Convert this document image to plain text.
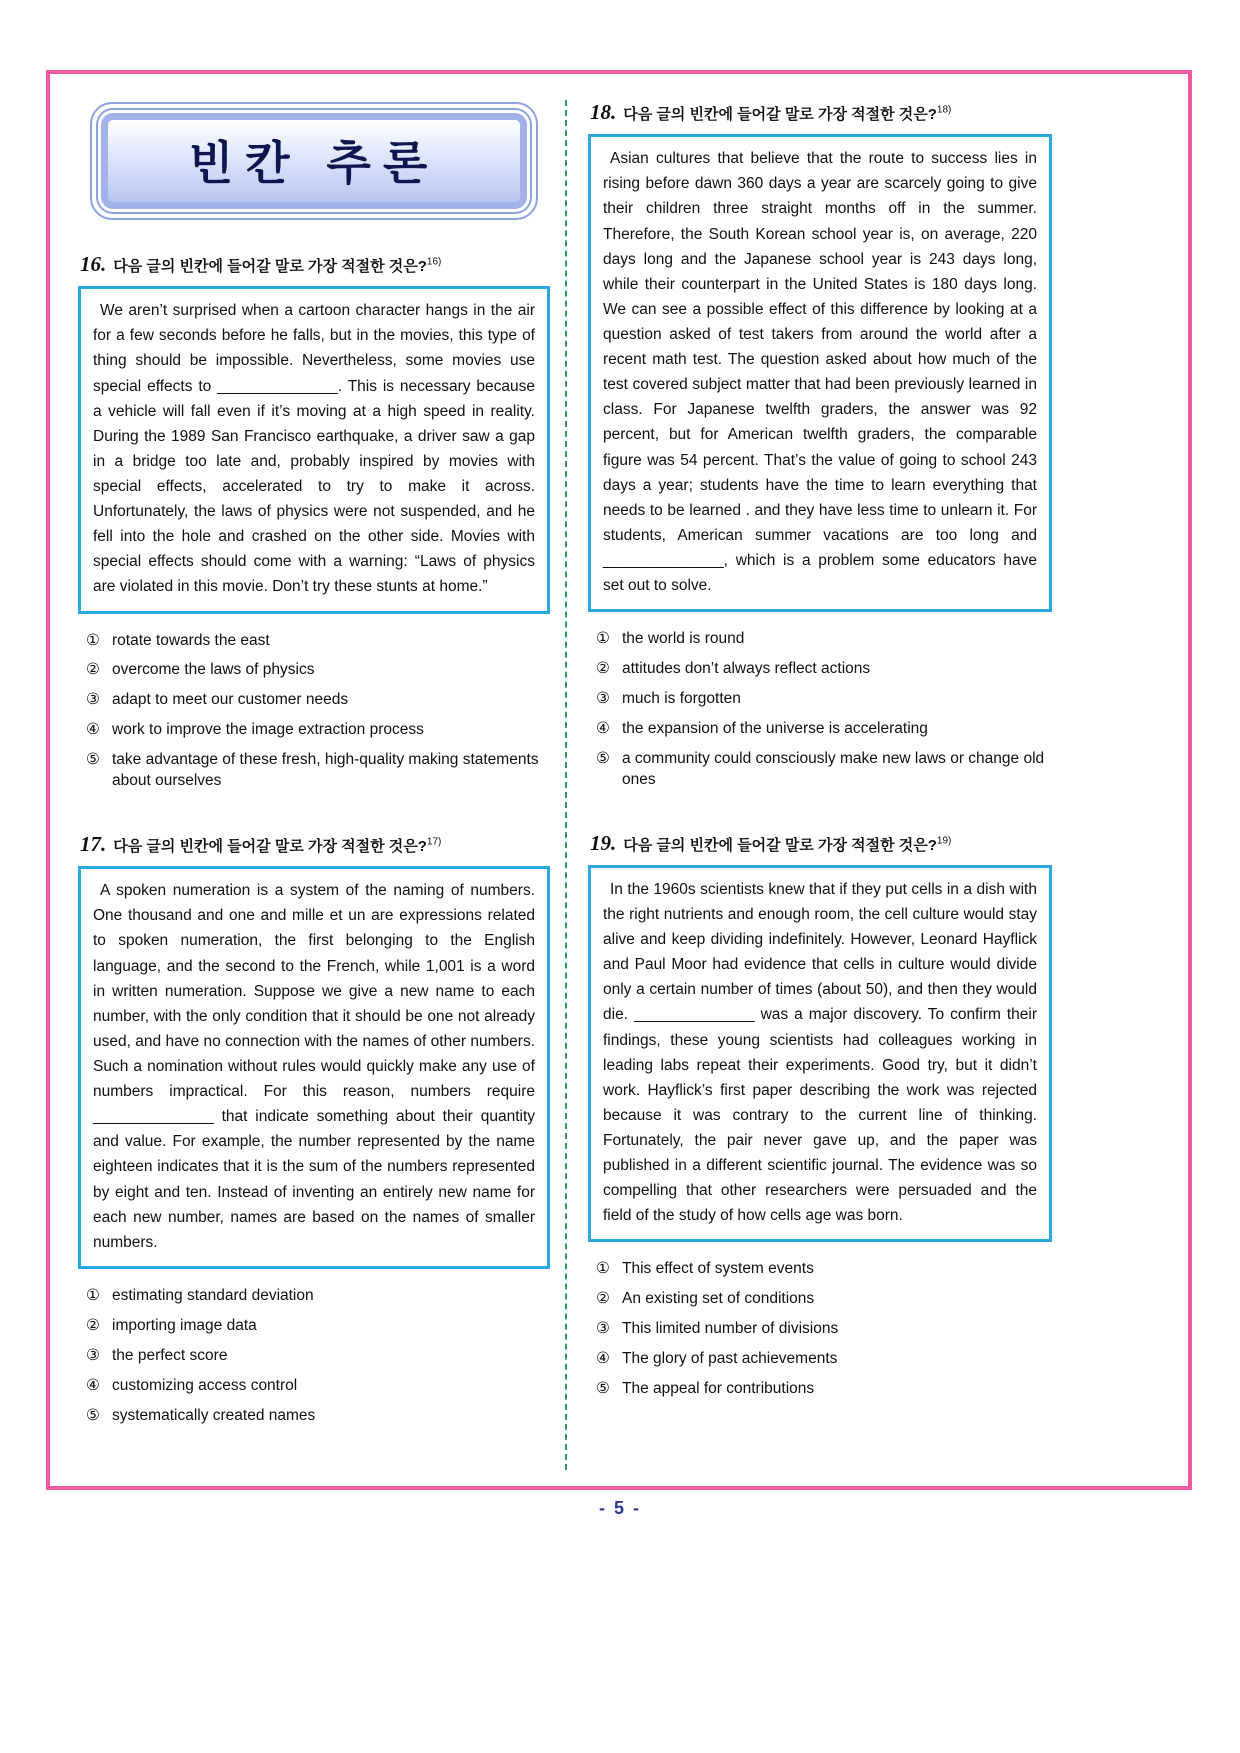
빈칸 추론
16. 다음 글의 빈칸에 들어갈 말로 가장 적절한 것은?$^{16)}$
We aren’t surprised when a cartoon character hangs in the air for a few seconds before he falls, but in the movies, this type of thing should be impossible. Nevertheless, some movies use special effects to ______________. This is necessary because a vehicle will fall even if it’s moving at a high speed in reality. During the 1989 San Francisco earthquake, a driver saw a gap in a bridge too late and, probably inspired by movies with special effects, accelerated to try to make it across. Unfortunately, the laws of physics were not suspended, and he fell into the hole and crashed on the other side. Movies with special effects should come with a warning: “Laws of physics are violated in this movie. Don’t try these stunts at home.”
① rotate towards the east
② overcome the laws of physics
③ adapt to meet our customer needs
④ work to improve the image extraction process
⑤ take advantage of these fresh, high-quality making statements about ourselves
17. 다음 글의 빈칸에 들어갈 말로 가장 적절한 것은?$^{17)}$
A spoken numeration is a system of the naming of numbers. One thousand and one and mille et un are expressions related to spoken numeration, the first belonging to the English language, and the second to the French, while 1,001 is a word in written numeration. Suppose we give a new name to each number, with the only condition that it should be one not already used, and have no connection with the names of other numbers. Such a nomination without rules would quickly make any use of numbers impractical. For this reason, numbers require ______________ that indicate something about their quantity and value. For example, the number represented by the name eighteen indicates that it is the sum of the numbers represented by eight and ten. Instead of inventing an entirely new name for each new number, names are based on the names of smaller numbers.
① estimating standard deviation
② importing image data
③ the perfect score
④ customizing access control
⑤ systematically created names
18. 다음 글의 빈칸에 들어갈 말로 가장 적절한 것은?$^{18)}$
Asian cultures that believe that the route to success lies in rising before dawn 360 days a year are scarcely going to give their children three straight months off in the summer. Therefore, the South Korean school year is, on average, 220 days long and the Japanese school year is 243 days long, while their counterpart in the United States is 180 days long. We can see a possible effect of this difference by looking at a question asked of test takers from around the world after a recent math test. The question asked about how much of the test covered subject matter that had been previously learned in class. For Japanese twelfth graders, the answer was 92 percent, but for American twelfth graders, the comparable figure was 54 percent. That’s the value of going to school 243 days a year; students have the time to learn everything that needs to be learned . and they have less time to unlearn it. For students, American summer vacations are too long and ______________, which is a problem some educators have set out to solve.
① the world is round
② attitudes don’t always reflect actions
③ much is forgotten
④ the expansion of the universe is accelerating
⑤ a community could consciously make new laws or change old ones
19. 다음 글의 빈칸에 들어갈 말로 가장 적절한 것은?$^{19)}$
In the 1960s scientists knew that if they put cells in a dish with the right nutrients and enough room, the cell culture would stay alive and keep dividing indefinitely. However, Leonard Hayflick and Paul Moor had evidence that cells in culture would divide only a certain number of times (about 50), and then they would die. ______________ was a major discovery. To confirm their findings, these young scientists had colleagues working in leading labs repeat their experiments. Good try, but it didn’t work. Hayflick’s first paper describing the work was rejected because it was contrary to the current line of thinking. Fortunately, the pair never gave up, and the paper was published in a different scientific journal. The evidence was so compelling that other researchers were persuaded and the field of the study of how cells age was born.
① This effect of system events
② An existing set of conditions
③ This limited number of divisions
④ The glory of past achievements
⑤ The appeal for contributions
- 5 -
